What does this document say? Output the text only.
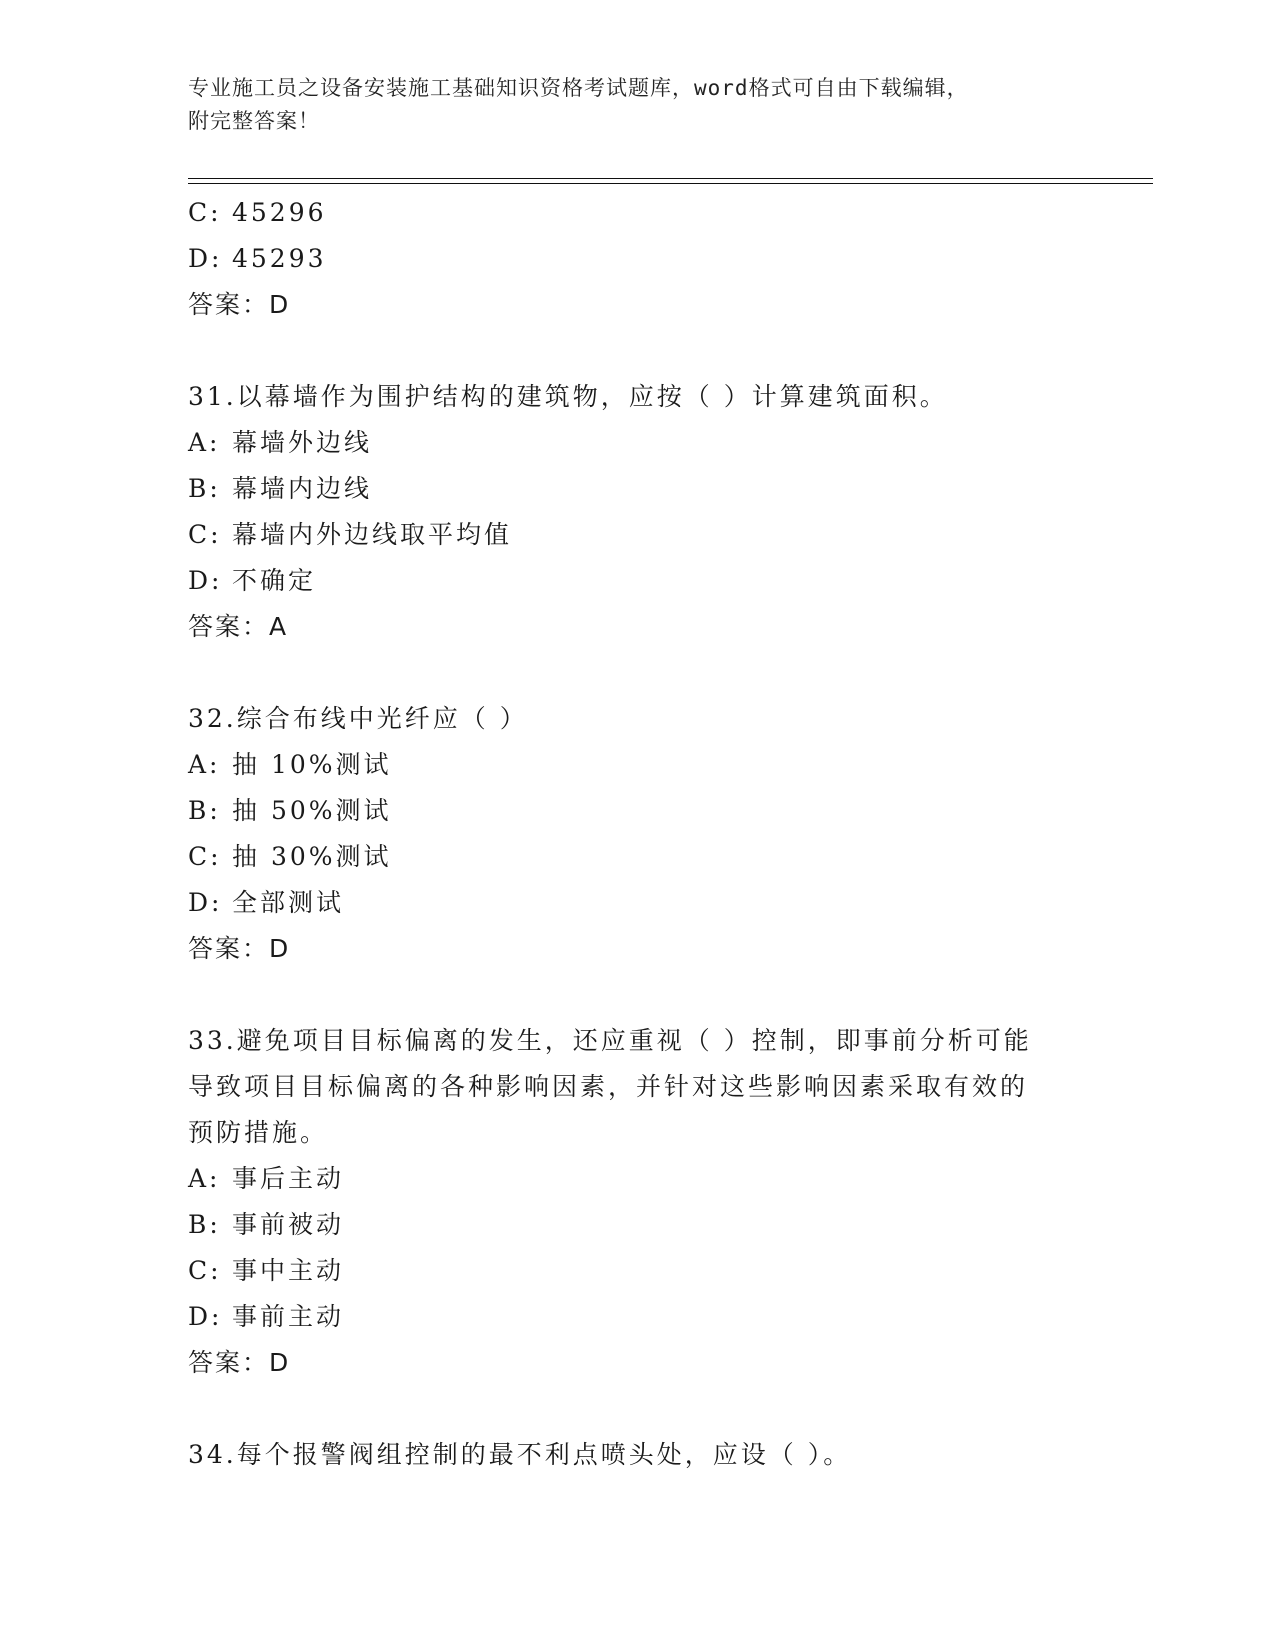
专业施工员之设备安装施工基础知识资格考试题库，word格式可自由下载编辑，
附完整答案！
C: 45296
D: 45293
答案：D
31.以幕墙作为围护结构的建筑物，应按（ ）计算建筑面积。
A: 幕墙外边线
B: 幕墙内边线
C: 幕墙内外边线取平均值
D: 不确定
答案：A
32.综合布线中光纤应（ ）
A: 抽 10%测试
B: 抽 50%测试
C: 抽 30%测试
D: 全部测试
答案：D
33.避免项目目标偏离的发生，还应重视（ ）控制，即事前分析可能
导致项目目标偏离的各种影响因素，并针对这些影响因素采取有效的
预防措施。
A: 事后主动
B: 事前被动
C: 事中主动
D: 事前主动
答案：D
34.每个报警阀组控制的最不利点喷头处，应设（ ）。
